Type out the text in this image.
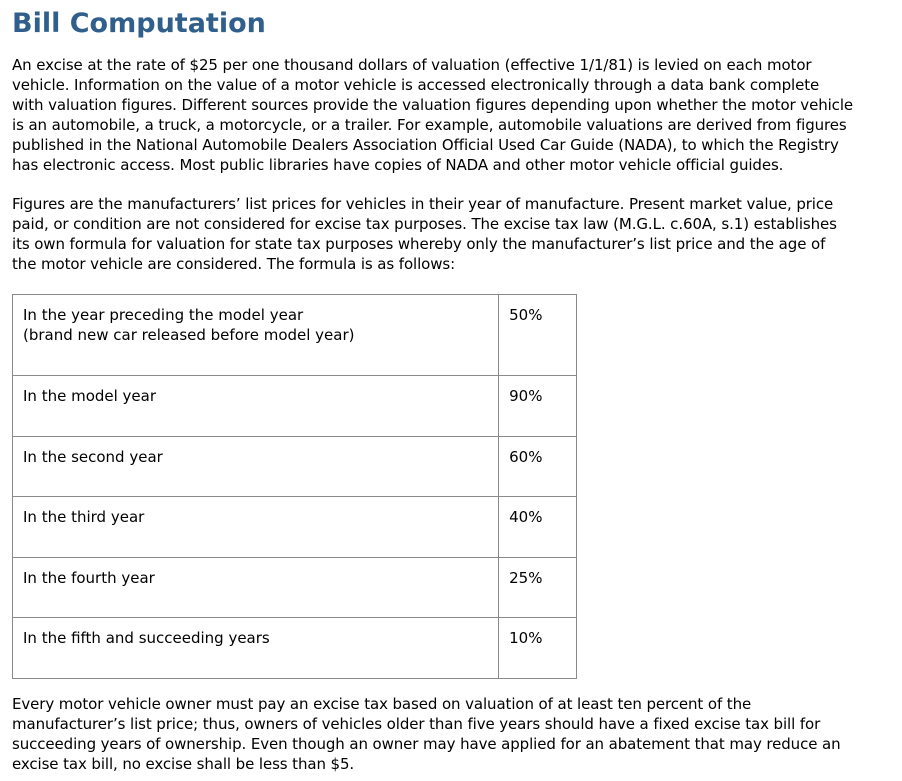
Bill Computation

An excise at the rate of $25 per one thousand dollars of valuation (effective 1/1/81) is levied on each motor
vehicle. Information on the value of a motor vehicle is accessed electronically through a data bank complete
with valuation figures. Different sources provide the valuation figures depending upon whether the motor vehicle
is an automobile, a truck, a motorcycle, or a trailer. For example, automobile valuations are derived from figures
published in the National Automobile Dealers Association Official Used Car Guide (NADA), to which the Registry
has electronic access. Most public libraries have copies of NADA and other motor vehicle official guides.

Figures are the manufacturers’ list prices for vehicles in their year of manufacture. Present market value, price
paid, or condition are not considered for excise tax purposes. The excise tax law (M.G.L. c.60A, s.1) establishes
its own formula for valuation for state tax purposes whereby only the manufacturer’s list price and the age of
the motor vehicle are considered. The formula is as follows:

In the year preceding the model year
(brand new car released before model year)	50%
In the model year	90%
In the second year	60%
In the third year	40%
In the fourth year	25%
In the fifth and succeeding years	10%

Every motor vehicle owner must pay an excise tax based on valuation of at least ten percent of the
manufacturer’s list price; thus, owners of vehicles older than five years should have a fixed excise tax bill for
succeeding years of ownership. Even though an owner may have applied for an abatement that may reduce an
excise tax bill, no excise shall be less than $5.
